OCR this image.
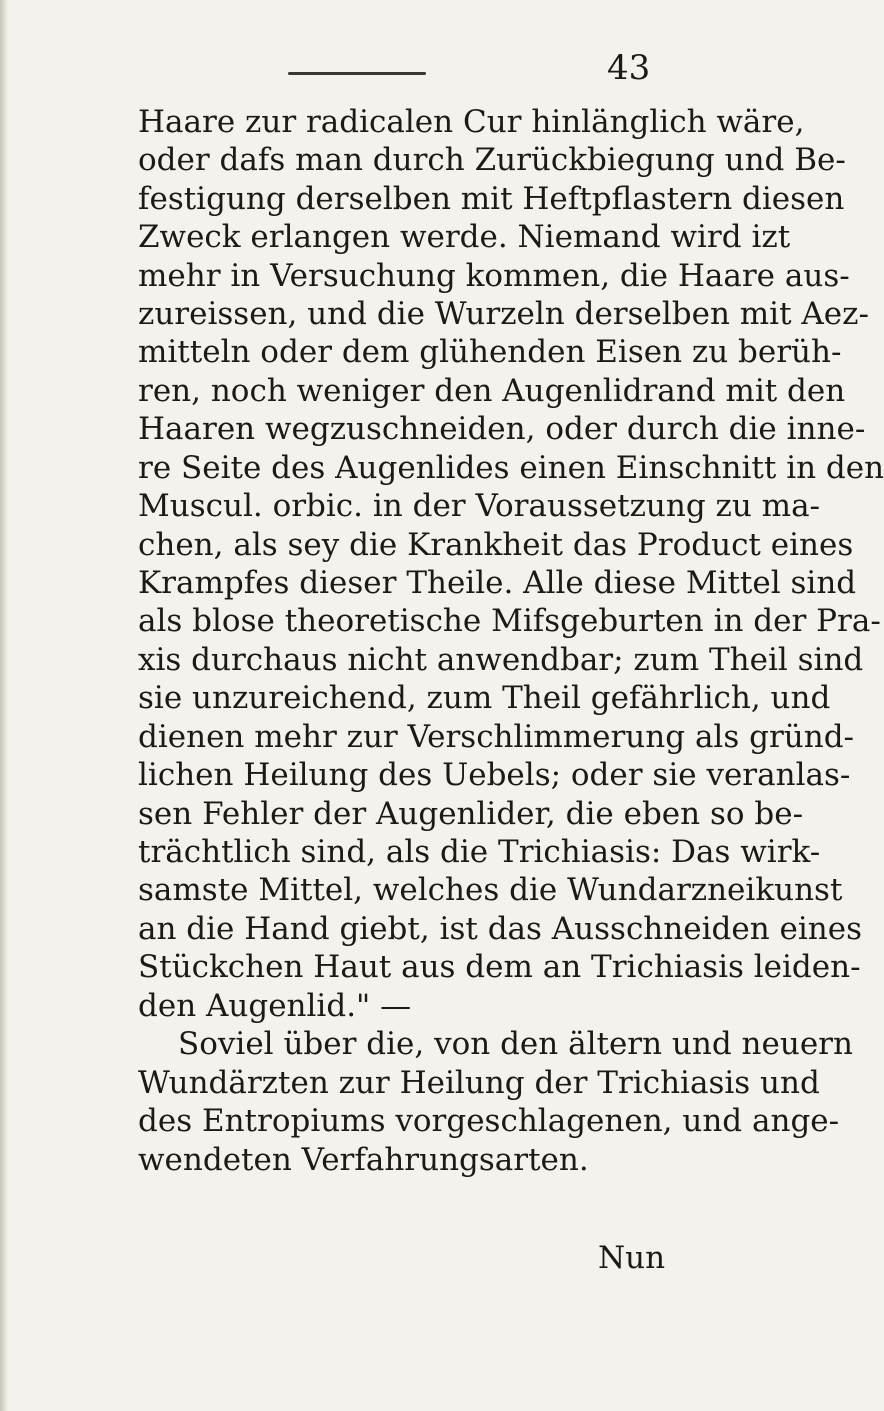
43
Haare zur radicalen Cur hinlänglich wäre,
oder dafs man durch Zurückbiegung und Be-
festigung derselben mit Heftpflastern diesen
Zweck erlangen werde. Niemand wird izt
mehr in Versuchung kommen, die Haare aus-
zureissen, und die Wurzeln derselben mit Aez-
mitteln oder dem glühenden Eisen zu berüh-
ren, noch weniger den Augenlidrand mit den
Haaren wegzuschneiden, oder durch die inne-
re Seite des Augenlides einen Einschnitt in den
Muscul. orbic. in der Voraussetzung zu ma-
chen, als sey die Krankheit das Product eines
Krampfes dieser Theile. Alle diese Mittel sind
als blose theoretische Mifsgeburten in der Pra-
xis durchaus nicht anwendbar; zum Theil sind
sie unzureichend, zum Theil gefährlich, und
dienen mehr zur Verschlimmerung als gründ-
lichen Heilung des Uebels; oder sie veranlas-
sen Fehler der Augenlider, die eben so be-
trächtlich sind, als die Trichiasis: Das wirk-
samste Mittel, welches die Wundarzneikunst
an die Hand giebt, ist das Ausschneiden eines
Stückchen Haut aus dem an Trichiasis leiden-
den Augenlid." —
Soviel über die, von den ältern und neuern
Wundärzten zur Heilung der Trichiasis und
des Entropiums vorgeschlagenen, und ange-
wendeten Verfahrungsarten.
Nun
